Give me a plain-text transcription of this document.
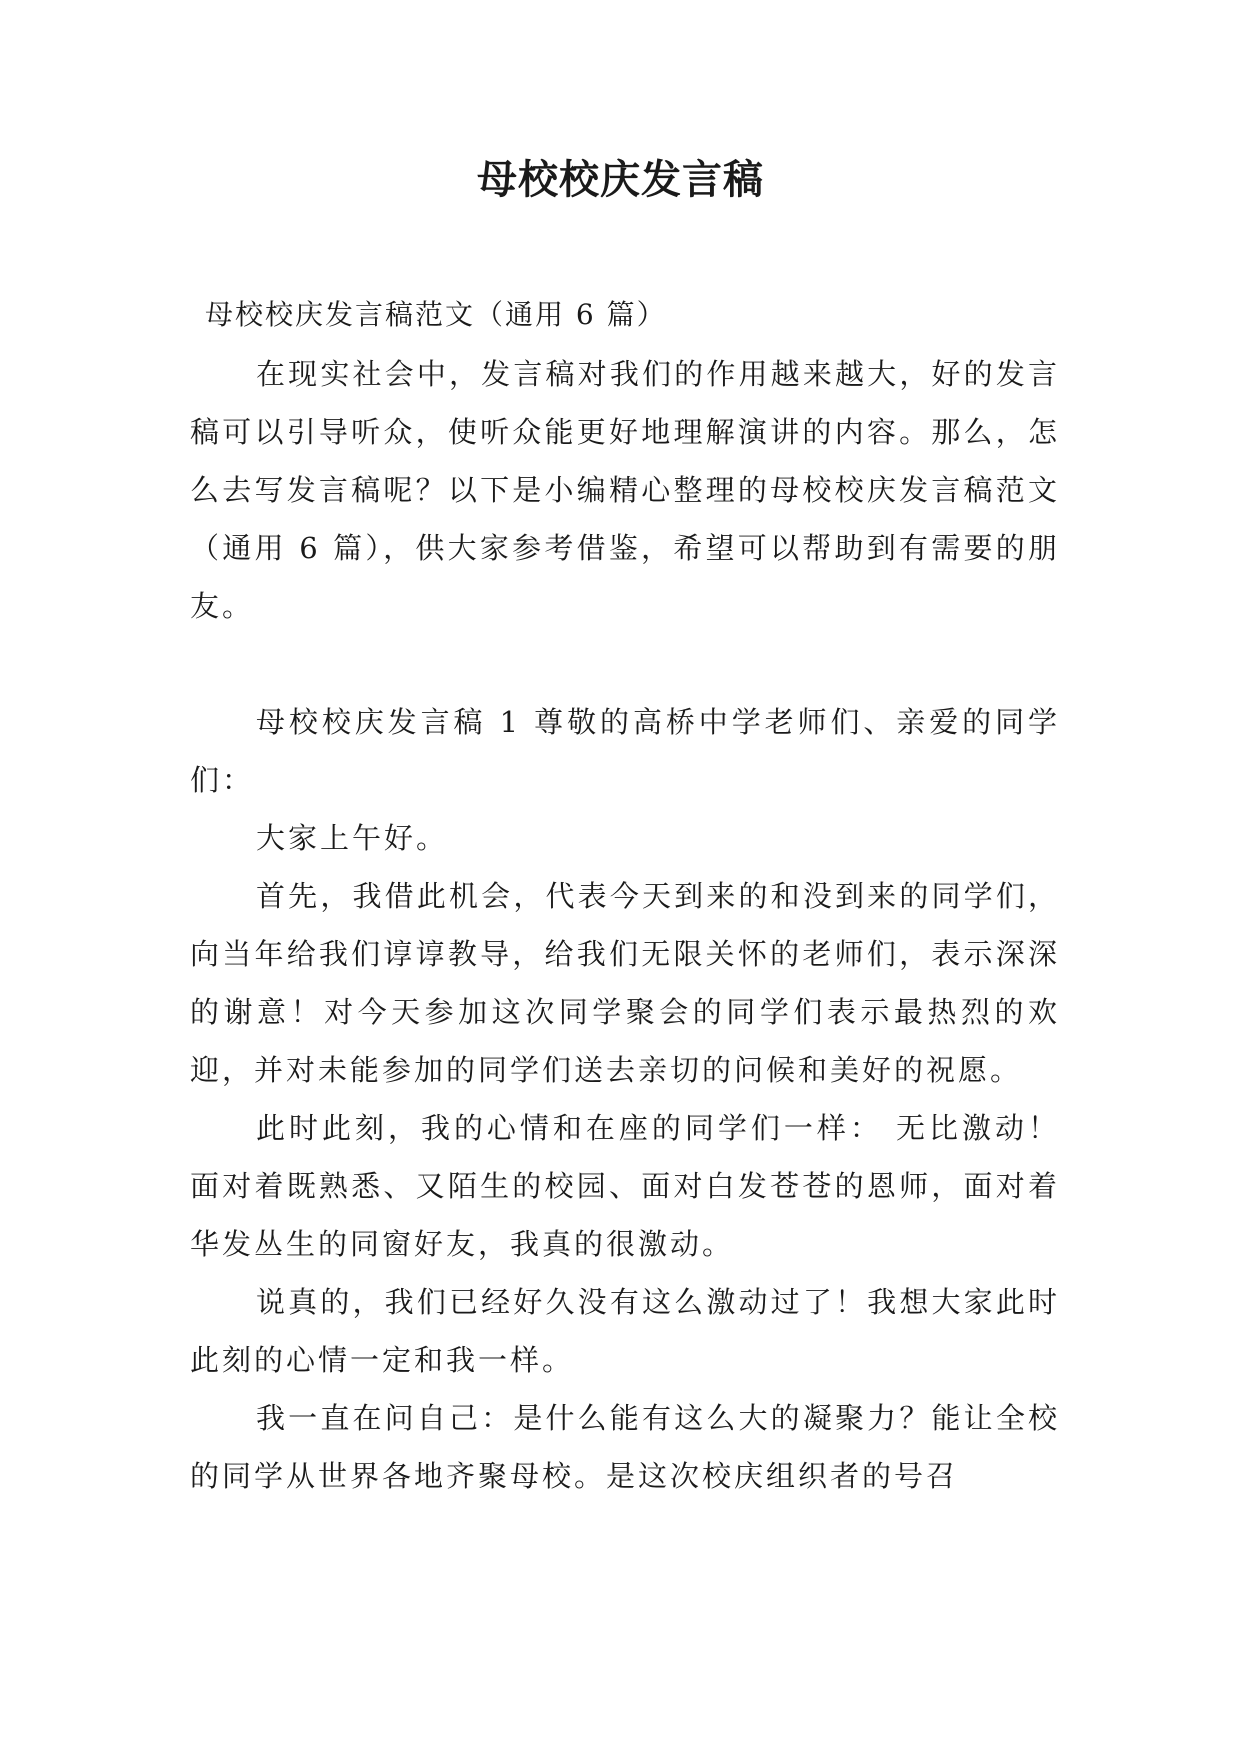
母校校庆发言稿

母校校庆发言稿范文（通用 6 篇）

在现实社会中，发言稿对我们的作用越来越大，好的发言稿可以引导听众，使听众能更好地理解演讲的内容。那么，怎么去写发言稿呢？以下是小编精心整理的母校校庆发言稿范文（通用 6 篇），供大家参考借鉴，希望可以帮助到有需要的朋友。

母校校庆发言稿 1 尊敬的高桥中学老师们、亲爱的同学们：

大家上午好。

首先，我借此机会，代表今天到来的和没到来的同学们，向当年给我们谆谆教导，给我们无限关怀的老师们，表示深深的谢意！对今天参加这次同学聚会的同学们表示最热烈的欢迎，并对未能参加的同学们送去亲切的问候和美好的祝愿。

此时此刻，我的心情和在座的同学们一样： 无比激动！面对着既熟悉、又陌生的校园、面对白发苍苍的恩师，面对着华发丛生的同窗好友，我真的很激动。

说真的，我们已经好久没有这么激动过了！我想大家此时此刻的心情一定和我一样。

我一直在问自己：是什么能有这么大的凝聚力？能让全校的同学从世界各地齐聚母校。是这次校庆组织者的号召
